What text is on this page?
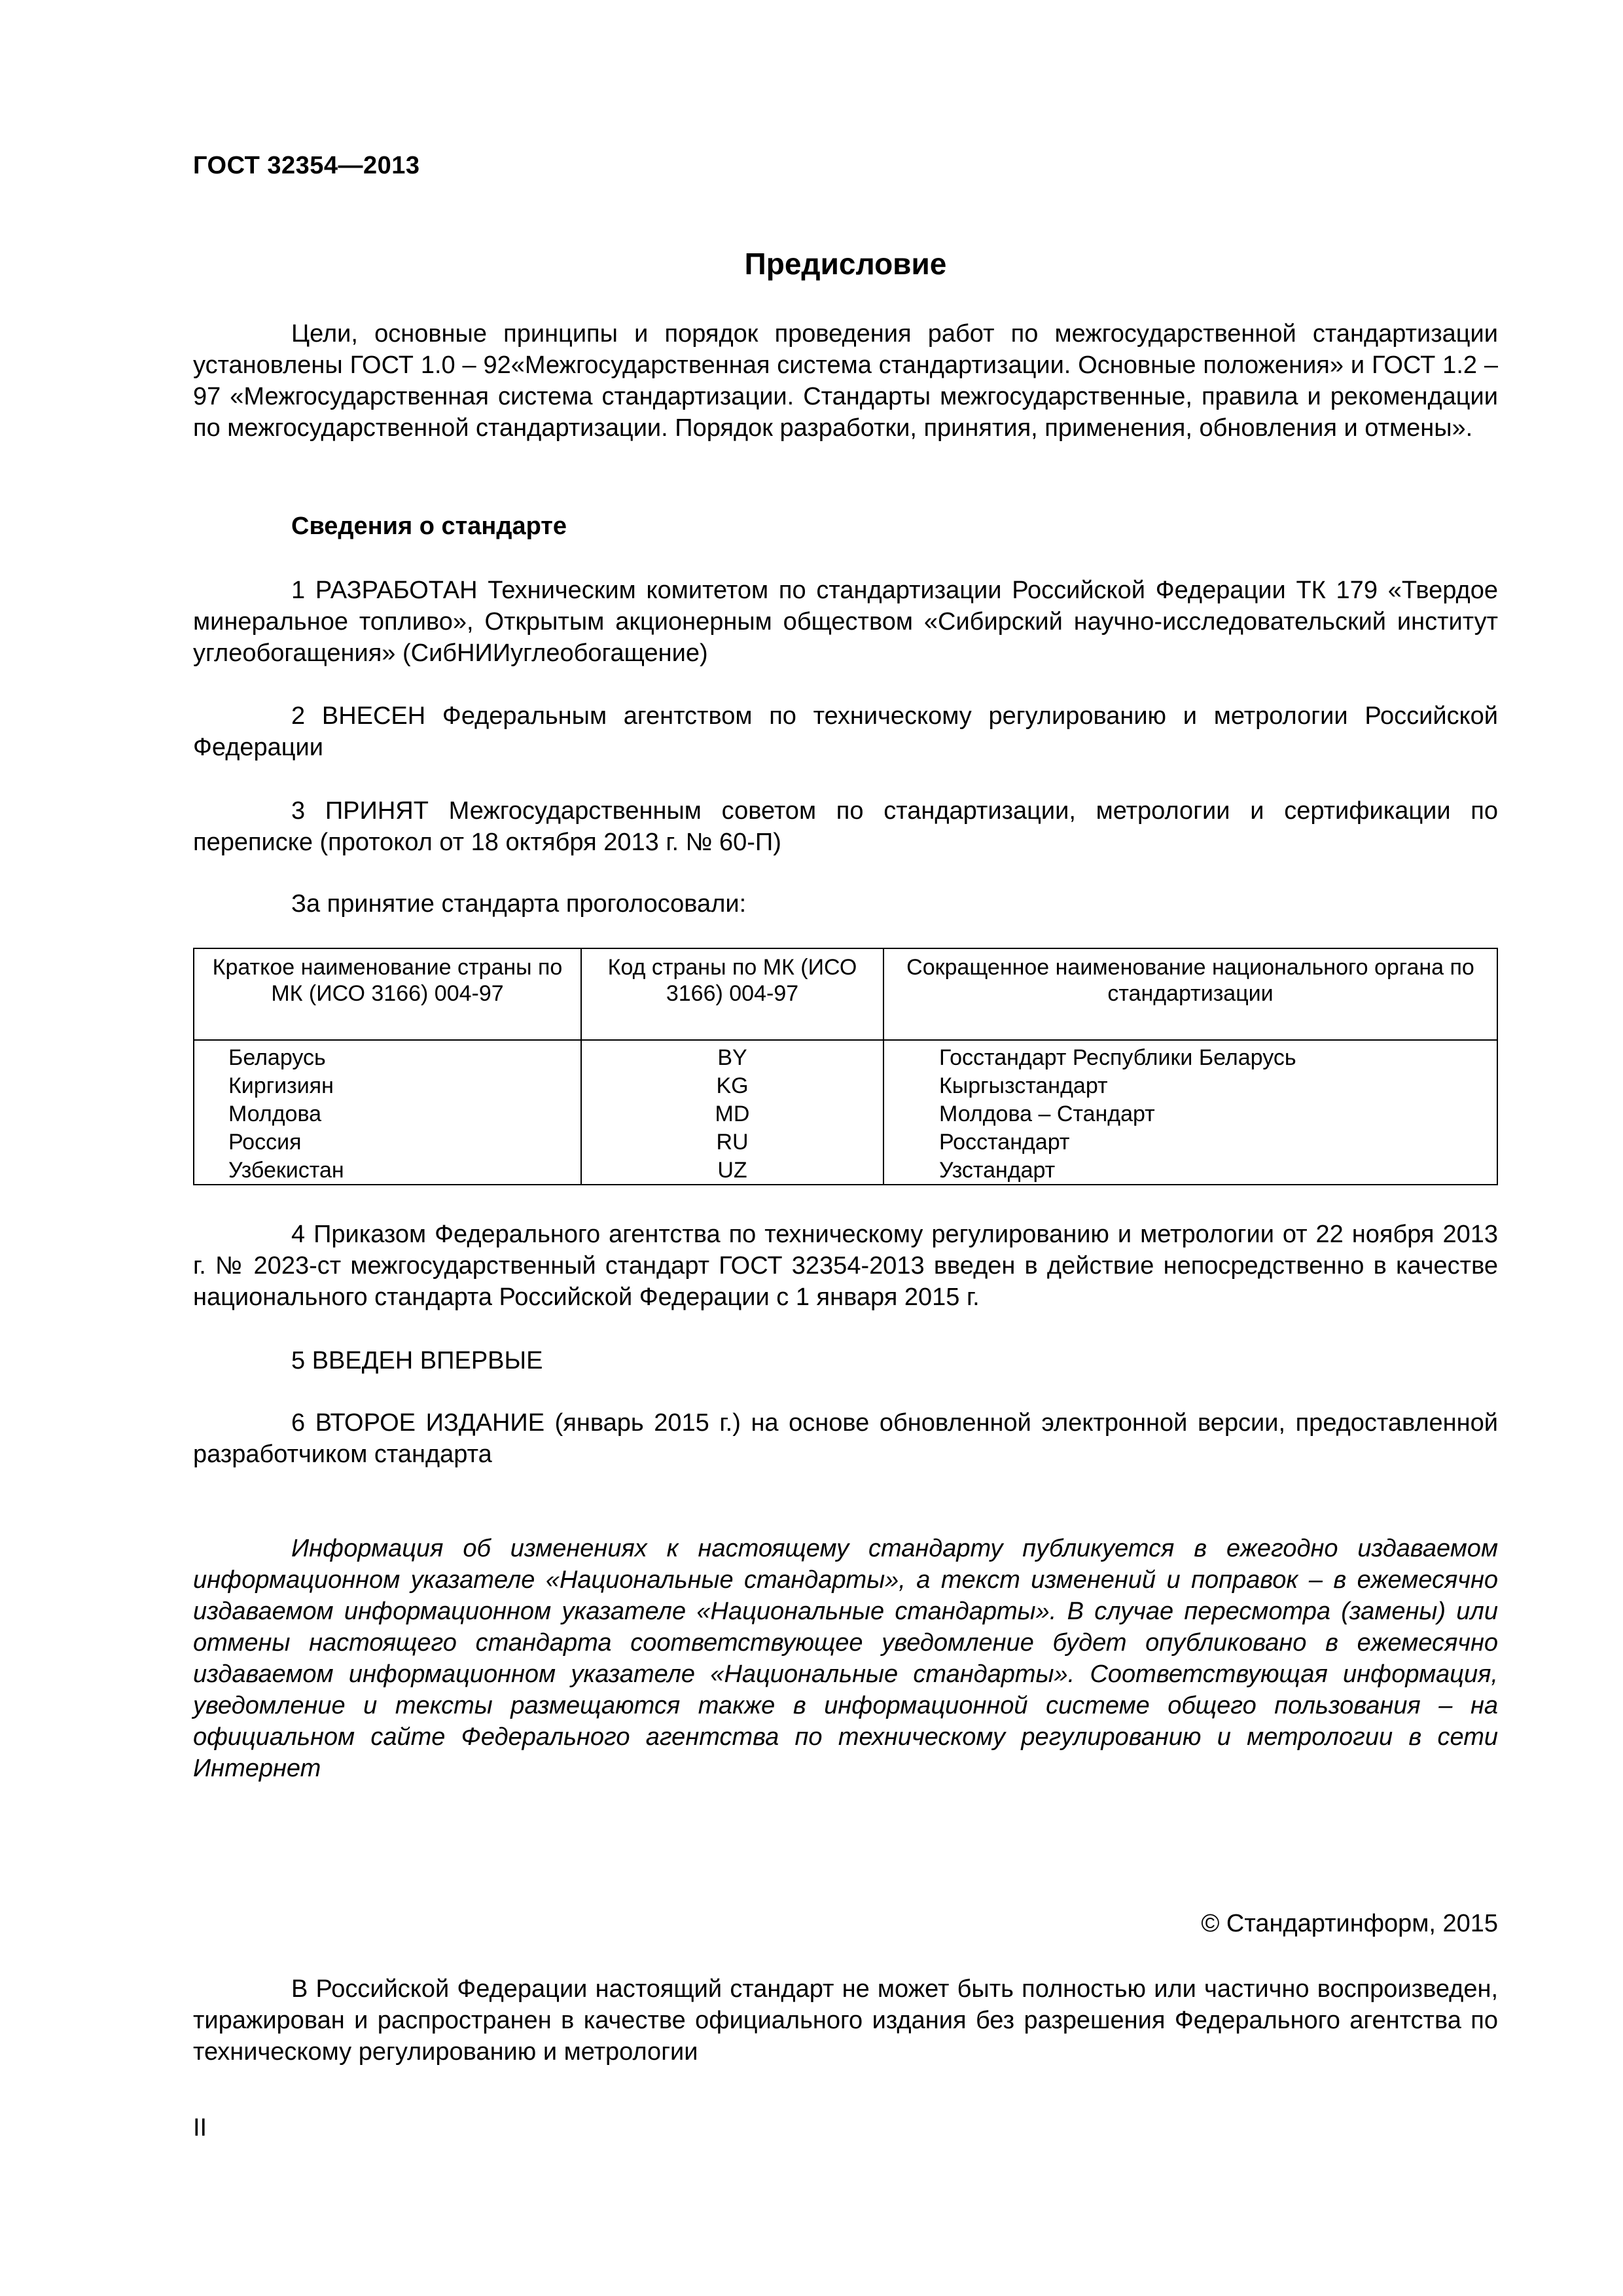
ГОСТ 32354—2013
Предисловие
Цели, основные принципы и порядок проведения работ по межгосударственной стандартизации установлены ГОСТ 1.0 – 92«Межгосударственная система стандартизации. Основные положения» и ГОСТ 1.2 – 97 «Межгосударственная система стандартизации. Стандарты межгосударственные, правила и рекомендации по межгосударственной стандартизации. Порядок разработки, принятия, применения, обновления и отмены».
Сведения о стандарте
1 РАЗРАБОТАН Техническим комитетом по стандартизации Российской Федерации ТК 179 «Твердое минеральное топливо», Открытым акционерным обществом «Сибирский научно-исследовательский институт углеобогащения» (СибНИИуглеобогащение)
2 ВНЕСЕН Федеральным агентством по техническому регулированию и метрологии Российской Федерации
3 ПРИНЯТ Межгосударственным советом по стандартизации, метрологии и сертификации по переписке (протокол от 18 октября 2013 г. № 60-П)
За принятие стандарта проголосовали:
Краткое наименование страны по МК (ИСО 3166) 004-97	Код страны по МК (ИСО 3166) 004-97	Сокращенное наименование национального органа по стандартизации
Беларусь	BY	Госстандарт Республики Беларусь
Киргизиян	KG	Кыргызстандарт
Молдова	MD	Молдова – Стандарт
Россия	RU	Росстандарт
Узбекистан	UZ	Узстандарт
4 Приказом Федерального агентства по техническому регулированию и метрологии от 22 ноября 2013 г. № 2023-ст межгосударственный стандарт ГОСТ 32354-2013 введен в действие непосредственно в качестве национального стандарта Российской Федерации с 1 января 2015 г.
5 ВВЕДЕН ВПЕРВЫЕ
6 ВТОРОЕ ИЗДАНИЕ (январь 2015 г.) на основе обновленной электронной версии, предоставленной разработчиком стандарта
Информация об изменениях к настоящему стандарту публикуется в ежегодно издаваемом информационном указателе «Национальные стандарты», а текст изменений и поправок – в ежемесячно издаваемом информационном указателе «Национальные стандарты». В случае пересмотра (замены) или отмены настоящего стандарта соответствующее уведомление будет опубликовано в ежемесячно издаваемом информационном указателе «Национальные стандарты». Соответствующая информация, уведомление и тексты размещаются также в информационной системе общего пользования – на официальном сайте Федерального агентства по техническому регулированию и метрологии в сети Интернет
© Стандартинформ, 2015
В Российской Федерации настоящий стандарт не может быть полностью или частично воспроизведен, тиражирован и распространен в качестве официального издания без разрешения Федерального агентства по техническому регулированию и метрологии
II
